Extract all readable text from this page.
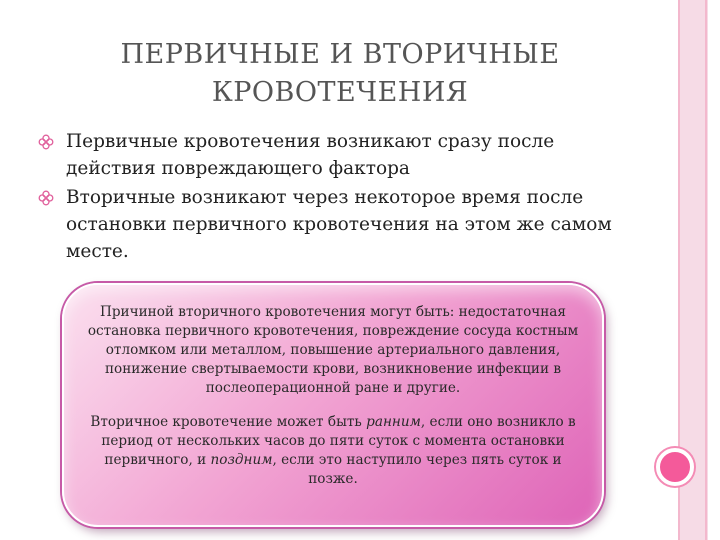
ПЕРВИЧНЫЕ И ВТОРИЧНЫЕ
КРОВОТЕЧЕНИЯ
Первичные кровотечения возникают сразу после действия повреждающего фактора
Вторичные возникают через некоторое время после остановки первичного кровотечения на этом же самом месте.

Причиной вторичного кровотечения могут быть: недостаточная остановка первичного кровотечения, повреждение сосуда костным отломком или металлом, повышение артериального давления, понижение свертываемости крови, возникновение инфекции в послеоперационной ране и другие.

Вторичное кровотечение может быть ранним, если оно возникло в период от нескольких часов до пяти суток с момента остановки первичного, и поздним, если это наступило через пять суток и позже.
